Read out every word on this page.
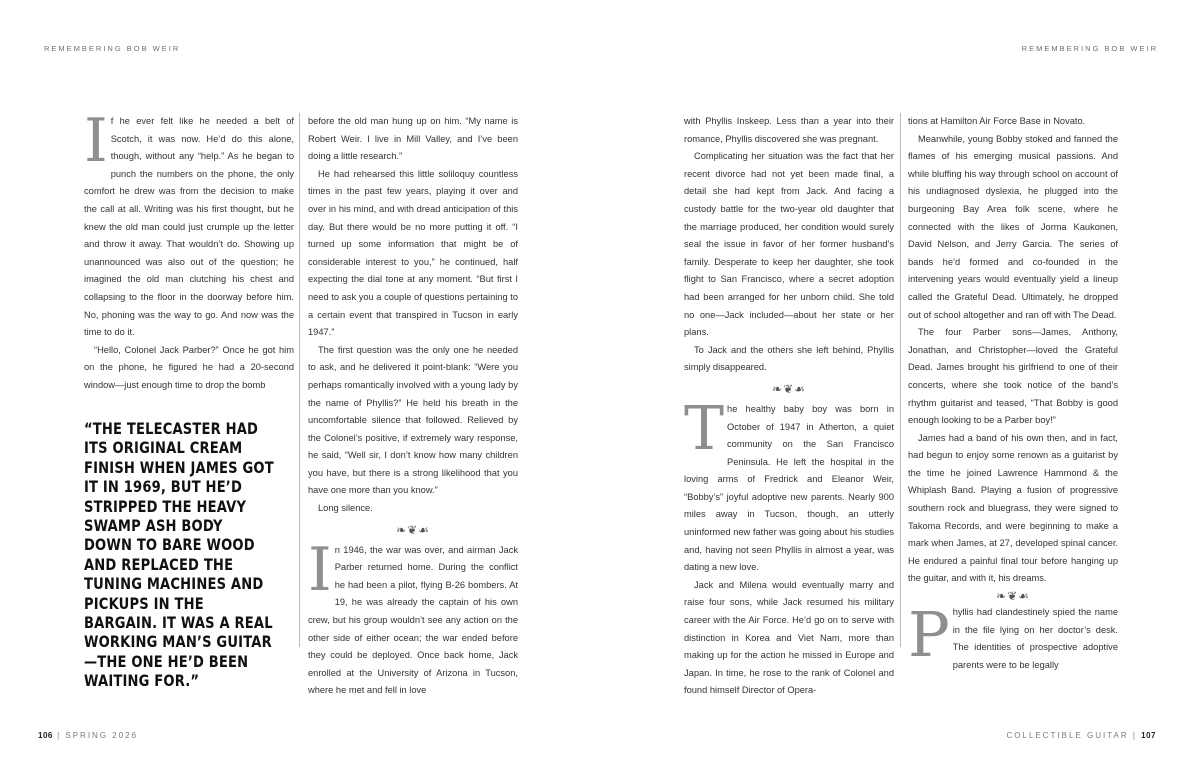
REMEMBERING BOB WEIR	REMEMBERING BOB WEIR
“THE TELECASTER HAD ITS ORIGINAL CREAM FINISH WHEN JAMES GOT IT IN 1969, BUT HE’D STRIPPED THE HEAVY SWAMP ASH BODY DOWN TO BARE WOOD AND REPLACED THE TUNING MACHINES AND PICKUPS IN THE BARGAIN. IT WAS A REAL WORKING MAN’S GUITAR—THE ONE HE’D BEEN WAITING FOR.”

I f he ever felt like he needed a belt of Scotch, it was now. He’d do this alone, though, without any “help.” As he began to punch the numbers on the phone, the only comfort he drew was from the decision to make the call at all. Writing was his first thought, but he knew the old man could just crumple up the letter and throw it away. That wouldn’t do. Showing up unannounced was also out of the question; he imagined the old man clutching his chest and collapsing to the floor in the doorway before him. No, phoning was the way to go. And now was the time to do it.

“Hello, Colonel Jack Parber?” Once he got him on the phone, he figured he had a 20-second window—just enough time to drop the bomb

before the old man hung up on him. “My name is Robert Weir. I live in Mill Valley, and I’ve been doing a little research.”

He had rehearsed this little soliloquy countless times in the past few years, playing it over and over in his mind, and with dread anticipation of this day. But there would be no more putting it off. “I turned up some information that might be of considerable interest to you,” he continued, half expecting the dial tone at any moment. “But first I need to ask you a couple of questions pertaining to a certain event that transpired in Tucson in early 1947.”

The first question was the only one he needed to ask, and he delivered it point-blank: “Were you perhaps romantically involved with a young lady by the name of Phyllis?” He held his breath in the uncomfortable silence that followed. Relieved by the Colonel’s positive, if extremely wary response, he said, “Well sir, I don’t know how many children you have, but there is a strong likelihood that you have one more than you know.”

Long silence.

❧❦☙

I n 1946, the war was over, and airman Jack Parber returned home. During the conflict he had been a pilot, flying B-26 bombers. At 19, he was already the captain of his own crew, but his group wouldn’t see any action on the other side of either ocean; the war ended before they could be deployed. Once back home, Jack enrolled at the University of Arizona in Tucson, where he met and fell in love

with Phyllis Inskeep. Less than a year into their romance, Phyllis discovered she was pregnant.

Complicating her situation was the fact that her recent divorce had not yet been made final, a detail she had kept from Jack. And facing a custody battle for the two-year old daughter that the marriage produced, her condition would surely seal the issue in favor of her former husband’s family. Desperate to keep her daughter, she took flight to San Francisco, where a secret adoption had been arranged for her unborn child. She told no one—Jack included—about her state or her plans.

To Jack and the others she left behind, Phyllis simply disappeared.

❧❦☙

T he healthy baby boy was born in October of 1947 in Atherton, a quiet community on the San Francisco Peninsula. He left the hospital in the loving arms of Fredrick and Eleanor Weir, “Bobby’s” joyful adoptive new parents. Nearly 900 miles away in Tucson, though, an utterly uninformed new father was going about his studies and, having not seen Phyllis in almost a year, was dating a new love.

Jack and Milena would eventually marry and raise four sons, while Jack resumed his military career with the Air Force. He’d go on to serve with distinction in Korea and Viet Nam, more than making up for the action he missed in Europe and Japan. In time, he rose to the rank of Colonel and found himself Director of Opera-

tions at Hamilton Air Force Base in Novato.

Meanwhile, young Bobby stoked and fanned the flames of his emerging musical passions. And while bluffing his way through school on account of his undiagnosed dyslexia, he plugged into the burgeoning Bay Area folk scene, where he connected with the likes of Jorma Kaukonen, David Nelson, and Jerry Garcia. The series of bands he’d formed and co-founded in the intervening years would eventually yield a lineup called the Grateful Dead. Ultimately, he dropped out of school altogether and ran off with The Dead.

The four Parber sons—James, Anthony, Jonathan, and Christopher—loved the Grateful Dead. James brought his girlfriend to one of their concerts, where she took notice of the band’s rhythm guitarist and teased, “That Bobby is good enough looking to be a Parber boy!”

James had a band of his own then, and in fact, had begun to enjoy some renown as a guitarist by the time he joined Lawrence Hammond & the Whiplash Band. Playing a fusion of progressive southern rock and bluegrass, they were signed to Takoma Records, and were beginning to make a mark when James, at 27, developed spinal cancer. He endured a painful final tour before hanging up the guitar, and with it, his dreams.

❧❦☙

P hyllis had clandestinely spied the name in the file lying on her doctor’s desk. The identities of prospective adoptive parents were to be legally

106 | SPRING 2026	COLLECTIBLE GUITAR | 107
